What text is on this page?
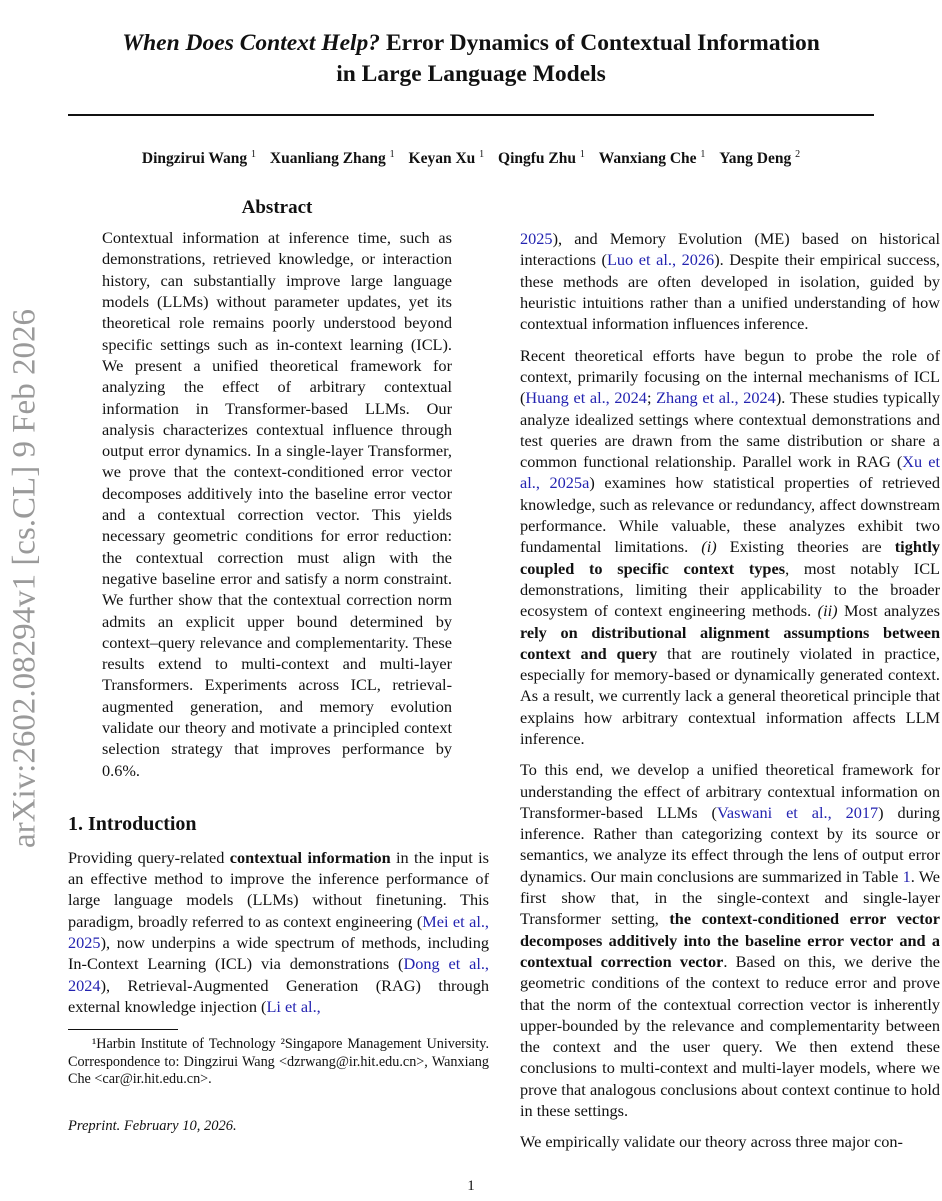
arXiv:2602.08294v1 [cs.CL] 9 Feb 2026
When Does Context Help? Error Dynamics of Contextual Information
in Large Language Models
Dingzirui Wang $^1$ Xuanliang Zhang $^1$ Keyan Xu $^1$ Qingfu Zhu $^1$ Wanxiang Che $^1$ Yang Deng $^2$
Abstract
Contextual information at inference time, such as demonstrations, retrieved knowledge, or interaction history, can substantially improve large language models (LLMs) without parameter updates, yet its theoretical role remains poorly understood beyond specific settings such as in-context learning (ICL). We present a unified theoretical framework for analyzing the effect of arbitrary contextual information in Transformer-based LLMs. Our analysis characterizes contextual influence through output error dynamics. In a single-layer Transformer, we prove that the context-conditioned error vector decomposes additively into the baseline error vector and a contextual correction vector. This yields necessary geometric conditions for error reduction: the contextual correction must align with the negative baseline error and satisfy a norm constraint. We further show that the contextual correction norm admits an explicit upper bound determined by context–query relevance and complementarity. These results extend to multi-context and multi-layer Transformers. Experiments across ICL, retrieval-augmented generation, and memory evolution validate our theory and motivate a principled context selection strategy that improves performance by 0.6%.
1. Introduction
Providing query-related contextual information in the input is an effective method to improve the inference performance of large language models (LLMs) without finetuning. This paradigm, broadly referred to as context engineering (Mei et al., 2025), now underpins a wide spectrum of methods, including In-Context Learning (ICL) via demonstrations (Dong et al., 2024), Retrieval-Augmented Generation (RAG) through external knowledge injection (Li et al.,
¹Harbin Institute of Technology ²Singapore Management University. Correspondence to: Dingzirui Wang <dzrwang@ir.hit.edu.cn>, Wanxiang Che <car@ir.hit.edu.cn>.
Preprint. February 10, 2026.
2025), and Memory Evolution (ME) based on historical interactions (Luo et al., 2026). Despite their empirical success, these methods are often developed in isolation, guided by heuristic intuitions rather than a unified understanding of how contextual information influences inference.
Recent theoretical efforts have begun to probe the role of context, primarily focusing on the internal mechanisms of ICL (Huang et al., 2024; Zhang et al., 2024). These studies typically analyze idealized settings where contextual demonstrations and test queries are drawn from the same distribution or share a common functional relationship. Parallel work in RAG (Xu et al., 2025a) examines how statistical properties of retrieved knowledge, such as relevance or redundancy, affect downstream performance. While valuable, these analyzes exhibit two fundamental limitations. (i) Existing theories are tightly coupled to specific context types, most notably ICL demonstrations, limiting their applicability to the broader ecosystem of context engineering methods. (ii) Most analyzes rely on distributional alignment assumptions between context and query that are routinely violated in practice, especially for memory-based or dynamically generated context. As a result, we currently lack a general theoretical principle that explains how arbitrary contextual information affects LLM inference.
To this end, we develop a unified theoretical framework for understanding the effect of arbitrary contextual information on Transformer-based LLMs (Vaswani et al., 2017) during inference. Rather than categorizing context by its source or semantics, we analyze its effect through the lens of output error dynamics. Our main conclusions are summarized in Table 1. We first show that, in the single-context and single-layer Transformer setting, the context-conditioned error vector decomposes additively into the baseline error vector and a contextual correction vector. Based on this, we derive the geometric conditions of the context to reduce error and prove that the norm of the contextual correction vector is inherently upper-bounded by the relevance and complementarity between the context and the user query. We then extend these conclusions to multi-context and multi-layer models, where we prove that analogous conclusions about context continue to hold in these settings.
We empirically validate our theory across three major con-
1
